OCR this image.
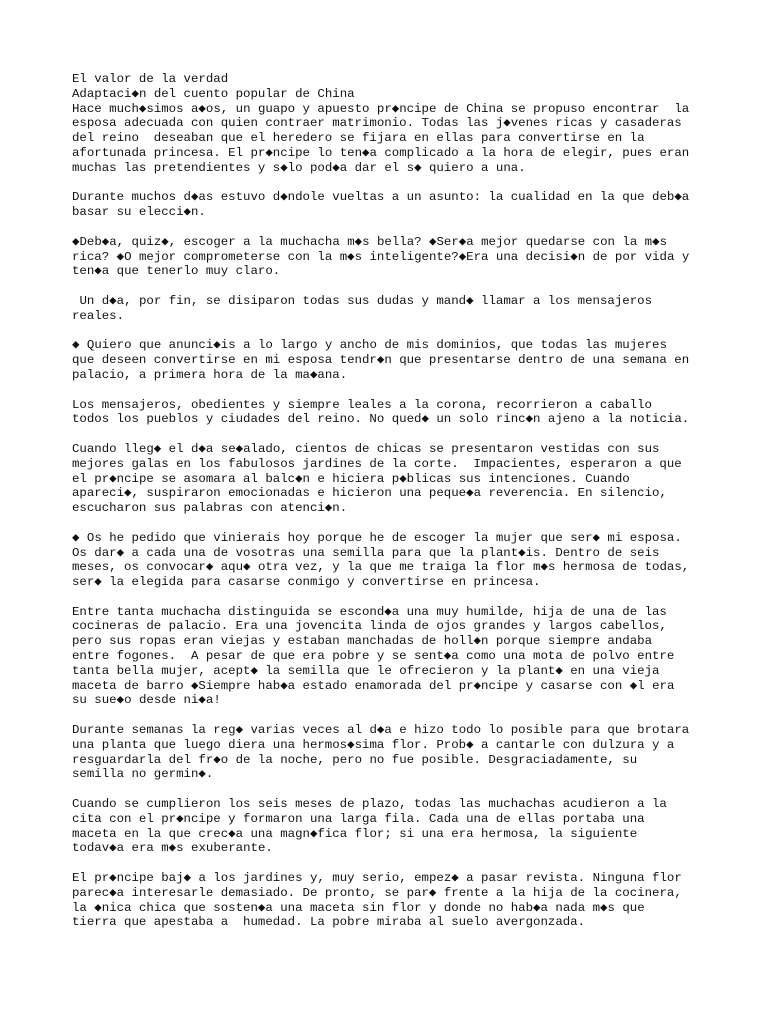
El valor de la verdad

Adaptaci◆n del cuento popular de China

Hace much◆simos a◆os, un guapo y apuesto pr◆ncipe de China se propuso encontrar  la
esposa adecuada con quien contraer matrimonio. Todas las j◆venes ricas y casaderas
del reino  deseaban que el heredero se fijara en ellas para convertirse en la
afortunada princesa. El pr◆ncipe lo ten◆a complicado a la hora de elegir, pues eran
muchas las pretendientes y s◆lo pod◆a dar el s◆ quiero a una.

Durante muchos d◆as estuvo d◆ndole vueltas a un asunto: la cualidad en la que deb◆a
basar su elecci◆n.

◆Deb◆a, quiz◆, escoger a la muchacha m◆s bella? ◆Ser◆a mejor quedarse con la m◆s
rica? ◆O mejor comprometerse con la m◆s inteligente?◆Era una decisi◆n de por vida y
ten◆a que tenerlo muy claro.

Un d◆a, por fin, se disiparon todas sus dudas y mand◆ llamar a los mensajeros
reales.

◆ Quiero que anunci◆is a lo largo y ancho de mis dominios, que todas las mujeres
que deseen convertirse en mi esposa tendr◆n que presentarse dentro de una semana en
palacio, a primera hora de la ma◆ana.

Los mensajeros, obedientes y siempre leales a la corona, recorrieron a caballo
todos los pueblos y ciudades del reino. No qued◆ un solo rinc◆n ajeno a la noticia.

Cuando lleg◆ el d◆a se◆alado, cientos de chicas se presentaron vestidas con sus
mejores galas en los fabulosos jardines de la corte.  Impacientes, esperaron a que
el pr◆ncipe se asomara al balc◆n e hiciera p◆blicas sus intenciones. Cuando
apareci◆, suspiraron emocionadas e hicieron una peque◆a reverencia. En silencio,
escucharon sus palabras con atenci◆n.

◆ Os he pedido que vinierais hoy porque he de escoger la mujer que ser◆ mi esposa.
Os dar◆ a cada una de vosotras una semilla para que la plant◆is. Dentro de seis
meses, os convocar◆ aqu◆ otra vez, y la que me traiga la flor m◆s hermosa de todas,
ser◆ la elegida para casarse conmigo y convertirse en princesa.

Entre tanta muchacha distinguida se escond◆a una muy humilde, hija de una de las
cocineras de palacio. Era una jovencita linda de ojos grandes y largos cabellos,
pero sus ropas eran viejas y estaban manchadas de holl◆n porque siempre andaba
entre fogones.  A pesar de que era pobre y se sent◆a como una mota de polvo entre
tanta bella mujer, acept◆ la semilla que le ofrecieron y la plant◆ en una vieja
maceta de barro ◆Siempre hab◆a estado enamorada del pr◆ncipe y casarse con ◆l era
su sue◆o desde ni◆a!

Durante semanas la reg◆ varias veces al d◆a e hizo todo lo posible para que brotara
una planta que luego diera una hermos◆sima flor. Prob◆ a cantarle con dulzura y a
resguardarla del fr◆o de la noche, pero no fue posible. Desgraciadamente, su
semilla no germin◆.

Cuando se cumplieron los seis meses de plazo, todas las muchachas acudieron a la
cita con el pr◆ncipe y formaron una larga fila. Cada una de ellas portaba una
maceta en la que crec◆a una magn◆fica flor; si una era hermosa, la siguiente
todav◆a era m◆s exuberante.

El pr◆ncipe baj◆ a los jardines y, muy serio, empez◆ a pasar revista. Ninguna flor
parec◆a interesarle demasiado. De pronto, se par◆ frente a la hija de la cocinera,
la ◆nica chica que sosten◆a una maceta sin flor y donde no hab◆a nada m◆s que
tierra que apestaba a  humedad. La pobre miraba al suelo avergonzada.
